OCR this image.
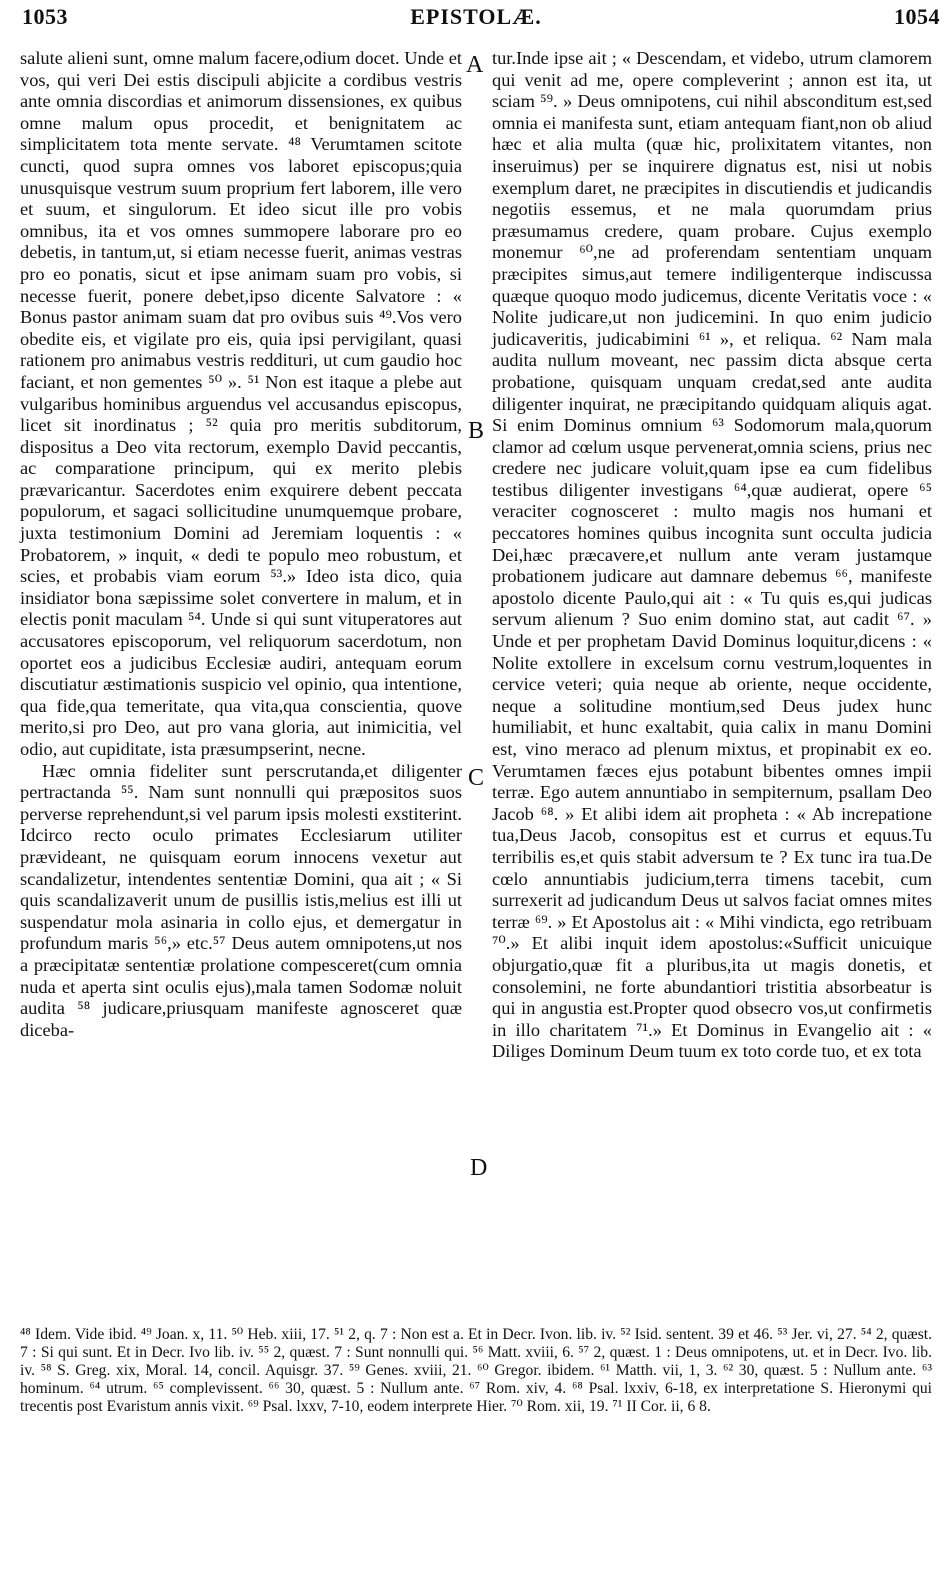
1053	EPISTOLÆ.	1054

salute alieni sunt, omne malum facere,odium docet. Unde et vos, qui veri Dei estis discipuli abjicite a cordibus vestris ante omnia discordias et animorum dissensiones, ex quibus omne malum opus procedit, et benignitatem ac simplicitatem tota mente servate. ⁴⁸ Verumtamen scitote cuncti, quod supra omnes vos laboret episcopus;quia unusquisque vestrum suum proprium fert laborem, ille vero et suum, et singulorum. Et ideo sicut ille pro vobis omnibus, ita et vos omnes summopere laborare pro eo debetis, in tantum,ut, si etiam necesse fuerit, animas vestras pro eo ponatis, sicut et ipse animam suam pro vobis, si necesse fuerit, ponere debet,ipso dicente Salvatore : « Bonus pastor animam suam dat pro ovibus suis ⁴⁹.Vos vero obedite eis, et vigilate pro eis, quia ipsi pervigilant, quasi rationem pro animabus vestris reddituri, ut cum gaudio hoc faciant, et non gementes ⁵⁰ ». ⁵¹ Non est itaque a plebe aut vulgaribus hominibus arguendus vel accusandus episcopus, licet sit inordinatus ; ⁵² quia pro meritis subditorum, dispositus a Deo vita rectorum, exemplo David peccantis, ac comparatione principum, qui ex merito plebis prævaricantur. Sacerdotes enim exquirere debent peccata populorum, et sagaci sollicitudine unumquemque probare, juxta testimonium Domini ad Jeremiam loquentis : « Probatorem, » inquit, « dedi te populo meo robustum, et scies, et probabis viam eorum ⁵³.» Ideo ista dico, quia insidiator bona sæpissime solet convertere in malum, et in electis ponit maculam ⁵⁴. Unde si qui sunt vituperatores aut accusatores episcoporum, vel reliquorum sacerdotum, non oportet eos a judicibus Ecclesiæ audiri, antequam eorum discutiatur æstimationis suspicio vel opinio, qua intentione, qua fide,qua temeritate, qua vita,qua conscientia, quove merito,si pro Deo, aut pro vana gloria, aut inimicitia, vel odio, aut cupiditate, ista præsumpserint, necne.

Hæc omnia fideliter sunt perscrutanda,et diligenter pertractanda ⁵⁵. Nam sunt nonnulli qui præpositos suos perverse reprehendunt,si vel parum ipsis molesti exstiterint. Idcirco recto oculo primates Ecclesiarum utiliter prævideant, ne quisquam eorum innocens vexetur aut scandalizetur, intendentes sententiæ Domini, qua ait ; « Si quis scandalizaverit unum de pusillis istis,melius est illi ut suspendatur mola asinaria in collo ejus, et demergatur in profundum maris ⁵⁶,» etc.⁵⁷ Deus autem omnipotens,ut nos a præcipitatæ sententiæ prolatione compesceret(cum omnia nuda et aperta sint oculis ejus),mala tamen Sodomæ noluit audita ⁵⁸ judicare,priusquam manifeste agnosceret quæ diceba-

A
B
C
D

tur.Inde ipse ait ; « Descendam, et videbo, utrum clamorem qui venit ad me, opere compleverint ; annon est ita, ut sciam ⁵⁹. » Deus omnipotens, cui nihil absconditum est,sed omnia ei manifesta sunt, etiam antequam fiant,non ob aliud hæc et alia multa (quæ hic, prolixitatem vitantes, non inseruimus) per se inquirere dignatus est, nisi ut nobis exemplum daret, ne præcipites in discutiendis et judicandis negotiis essemus, et ne mala quorumdam prius præsumamus credere, quam probare. Cujus exemplo monemur ⁶⁰,ne ad proferendam sententiam unquam præcipites simus,aut temere indiligenterque indiscussa quæque quoquo modo judicemus, dicente Veritatis voce : « Nolite judicare,ut non judicemini. In quo enim judicio judicaveritis, judicabimini ⁶¹ », et reliqua. ⁶² Nam mala audita nullum moveant, nec passim dicta absque certa probatione, quisquam unquam credat,sed ante audita diligenter inquirat, ne præcipitando quidquam aliquis agat. Si enim Dominus omnium ⁶³ Sodomorum mala,quorum clamor ad cœlum usque pervenerat,omnia sciens, prius nec credere nec judicare voluit,quam ipse ea cum fidelibus testibus diligenter investigans ⁶⁴,quæ audierat, opere ⁶⁵ veraciter cognosceret : multo magis nos humani et peccatores homines quibus incognita sunt occulta judicia Dei,hæc præcavere,et nullum ante veram justamque probationem judicare aut damnare debemus ⁶⁶, manifeste apostolo dicente Paulo,qui ait : « Tu quis es,qui judicas servum alienum ? Suo enim domino stat, aut cadit ⁶⁷. » Unde et per prophetam David Dominus loquitur,dicens : « Nolite extollere in excelsum cornu vestrum,loquentes in cervice veteri; quia neque ab oriente, neque occidente, neque a solitudine montium,sed Deus judex hunc humiliabit, et hunc exaltabit, quia calix in manu Domini est, vino meraco ad plenum mixtus, et propinabit ex eo. Verumtamen fæces ejus potabunt bibentes omnes impii terræ. Ego autem annuntiabo in sempiternum, psallam Deo Jacob ⁶⁸. » Et alibi idem ait propheta : « Ab increpatione tua,Deus Jacob, consopitus est et currus et equus.Tu terribilis es,et quis stabit adversum te ? Ex tunc ira tua.De cœlo annuntiabis judicium,terra timens tacebit, cum surrexerit ad judicandum Deus ut salvos faciat omnes mites terræ ⁶⁹. » Et Apostolus ait : « Mihi vindicta, ego retribuam ⁷⁰.» Et alibi inquit idem apostolus:«Sufficit unicuique objurgatio,quæ fit a pluribus,ita ut magis donetis, et consolemini, ne forte abundantiori tristitia absorbeatur is qui in angustia est.Propter quod obsecro vos,ut confirmetis in illo charitatem ⁷¹.» Et Dominus in Evangelio ait : « Diliges Dominum Deum tuum ex toto corde tuo, et ex tota

⁴⁸ Idem. Vide ibid. ⁴⁹ Joan. x, 11. ⁵⁰ Heb. xiii, 17. ⁵¹ 2, q. 7 : Non est a. Et in Decr. Ivon. lib. iv. ⁵² Isid. sentent. 39 et 46. ⁵³ Jer. vi, 27. ⁵⁴ 2, quæst. 7 : Si qui sunt. Et in Decr. Ivo lib. iv. ⁵⁵ 2, quæst. 7 : Sunt nonnulli qui. ⁵⁶ Matt. xviii, 6. ⁵⁷ 2, quæst. 1 : Deus omnipotens, ut. et in Decr. Ivo. lib. iv. ⁵⁸ S. Greg. xix, Moral. 14, concil. Aquisgr. 37. ⁵⁹ Genes. xviii, 21. ⁶⁰ Gregor. ibidem. ⁶¹ Matth. vii, 1, 3. ⁶² 30, quæst. 5 : Nullum ante. ⁶³ hominum. ⁶⁴ utrum. ⁶⁵ complevissent. ⁶⁶ 30, quæst. 5 : Nullum ante. ⁶⁷ Rom. xiv, 4. ⁶⁸ Psal. lxxiv, 6-18, ex interpretatione S. Hieronymi qui trecentis post Evaristum annis vixit. ⁶⁹ Psal. lxxv, 7-10, eodem interprete Hier. ⁷⁰ Rom. xii, 19. ⁷¹ II Cor. ii, 6 8.
